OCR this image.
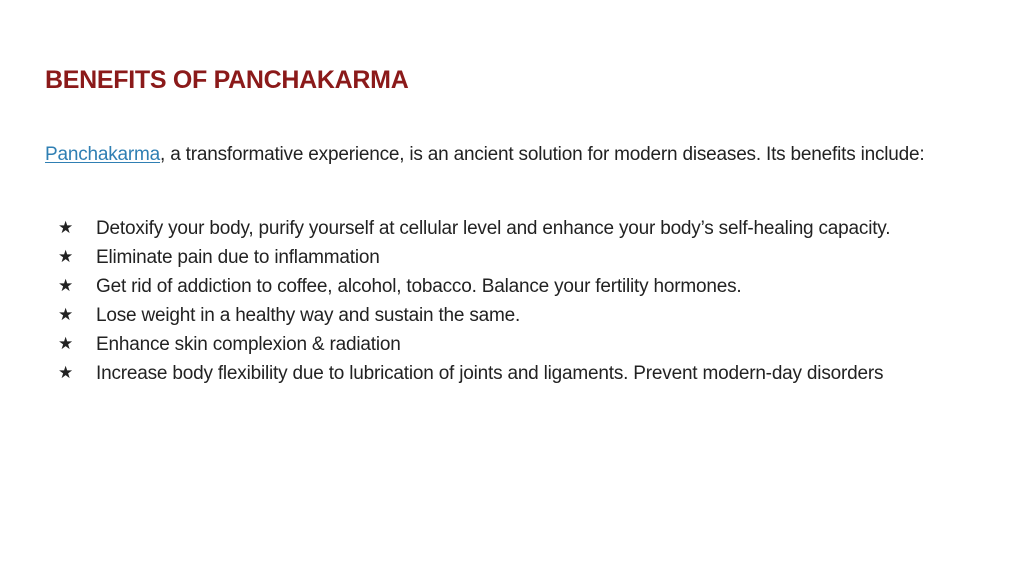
BENEFITS OF PANCHAKARMA

Panchakarma, a transformative experience, is an ancient solution for modern diseases. Its benefits include:

★ Detoxify your body, purify yourself at cellular level and enhance your body’s self-healing capacity.
★ Eliminate pain due to inflammation
★ Get rid of addiction to coffee, alcohol, tobacco. Balance your fertility hormones.
★ Lose weight in a healthy way and sustain the same.
★ Enhance skin complexion & radiation
★ Increase body flexibility due to lubrication of joints and ligaments. Prevent modern-day disorders
